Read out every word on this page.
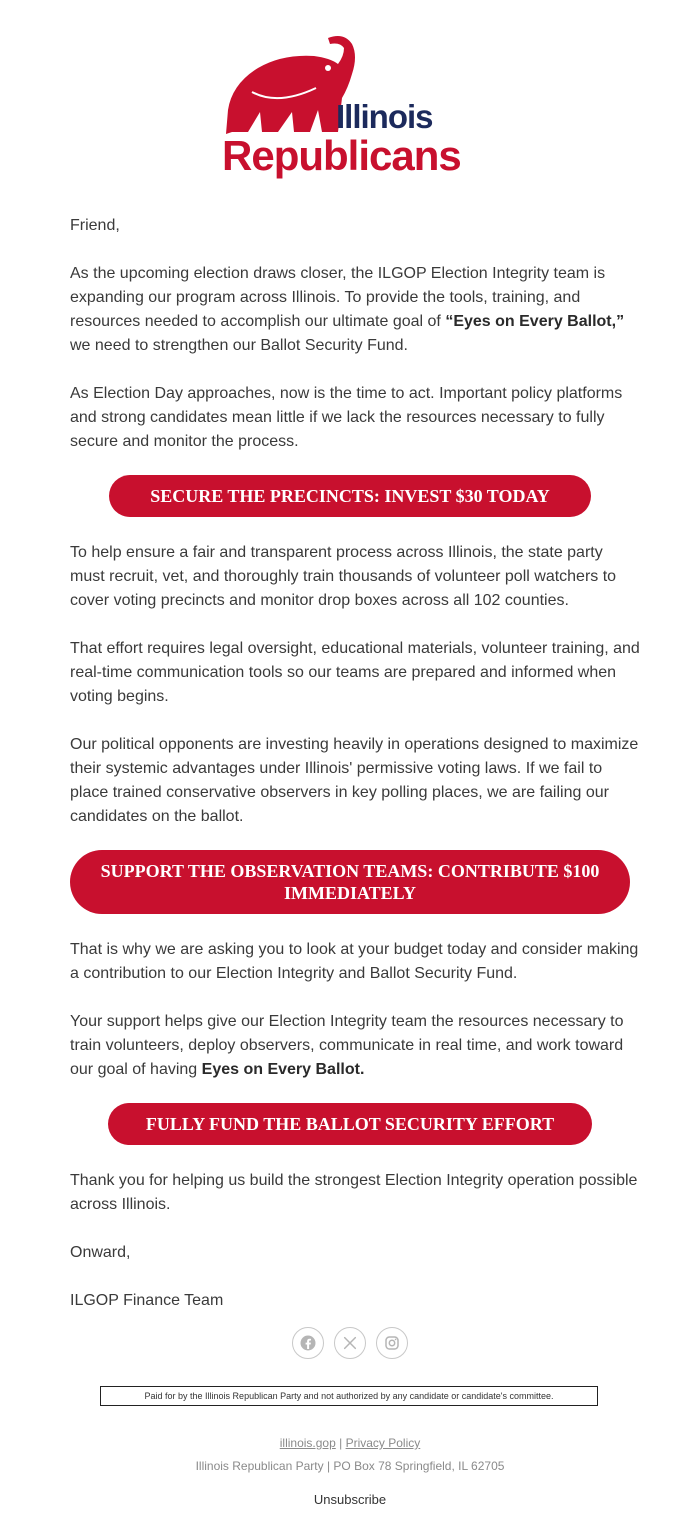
Illinois
Republicans

Friend,

As the upcoming election draws closer, the ILGOP Election Integrity team is expanding our program across Illinois. To provide the tools, training, and resources needed to accomplish our ultimate goal of “Eyes on Every Ballot,” we need to strengthen our Ballot Security Fund.

As Election Day approaches, now is the time to act. Important policy platforms and strong candidates mean little if we lack the resources necessary to fully secure and monitor the process.

SECURE THE PRECINCTS: INVEST $30 TODAY

To help ensure a fair and transparent process across Illinois, the state party must recruit, vet, and thoroughly train thousands of volunteer poll watchers to cover voting precincts and monitor drop boxes across all 102 counties.

That effort requires legal oversight, educational materials, volunteer training, and real-time communication tools so our teams are prepared and informed when voting begins.

Our political opponents are investing heavily in operations designed to maximize their systemic advantages under Illinois' permissive voting laws. If we fail to place trained conservative observers in key polling places, we are failing our candidates on the ballot.

SUPPORT THE OBSERVATION TEAMS: CONTRIBUTE $100 IMMEDIATELY

That is why we are asking you to look at your budget today and consider making a contribution to our Election Integrity and Ballot Security Fund.

Your support helps give our Election Integrity team the resources necessary to train volunteers, deploy observers, communicate in real time, and work toward our goal of having Eyes on Every Ballot.

FULLY FUND THE BALLOT SECURITY EFFORT

Thank you for helping us build the strongest Election Integrity operation possible across Illinois.

Onward,

ILGOP Finance Team

Paid for by the Illinois Republican Party and not authorized by any candidate or candidate's committee.
illinois.gop | Privacy Policy
Illinois Republican Party | PO Box 78 Springfield, IL 62705
Unsubscribe
